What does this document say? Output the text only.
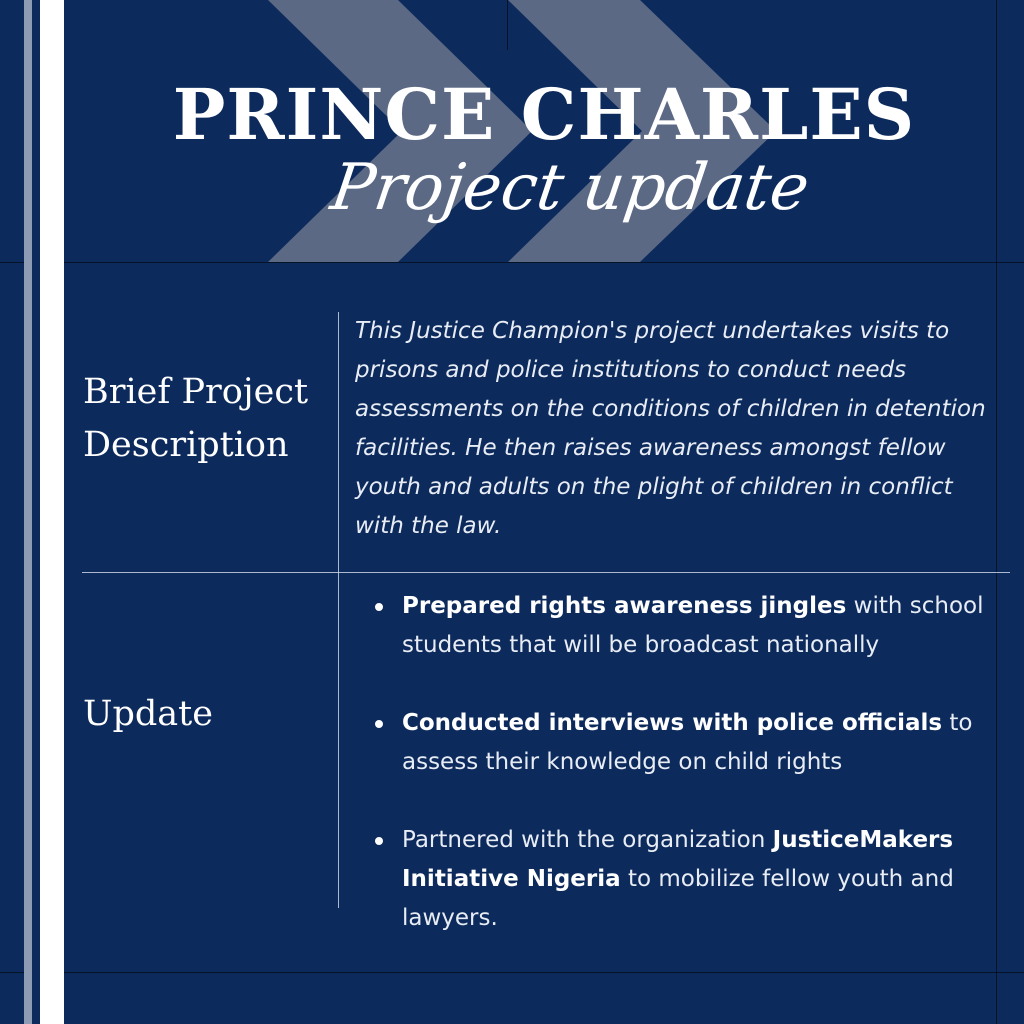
PRINCE CHARLES
Project update
Brief Project Description

This Justice Champion's project undertakes visits to prisons and police institutions to conduct needs assessments on the conditions of children in detention facilities. He then raises awareness amongst fellow youth and adults on the plight of children in conflict with the law.

Update
Prepared rights awareness jingles with school students that will be broadcast nationally
Conducted interviews with police officials to assess their knowledge on child rights
Partnered with the organization JusticeMakers Initiative Nigeria to mobilize fellow youth and lawyers.
